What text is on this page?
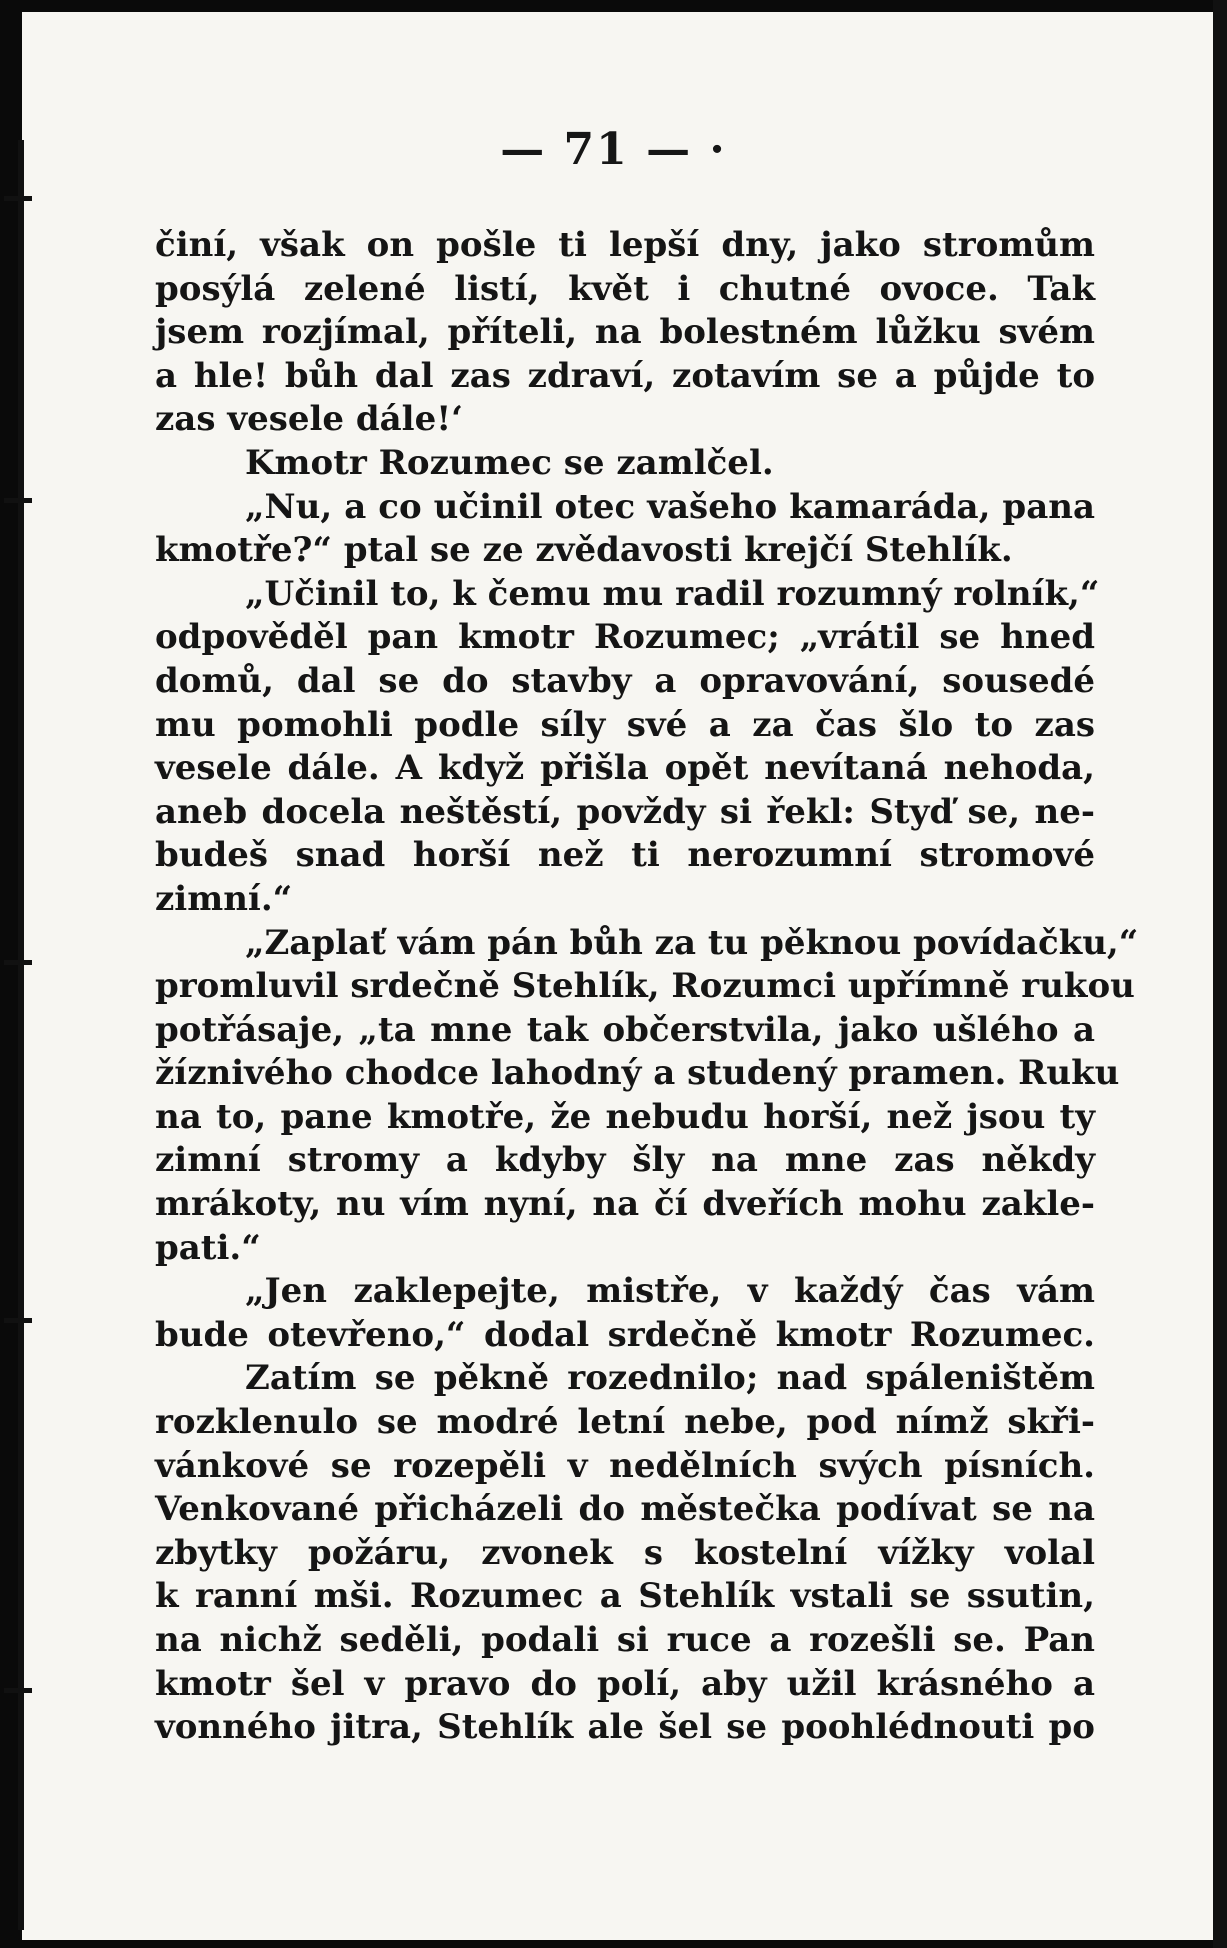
— 71 — ·
činí, však on pošle ti lepší dny, jako stromům
posýlá zelené listí, květ i chutné ovoce. Tak
jsem rozjímal, příteli, na bolestném lůžku svém
a hle! bůh dal zas zdraví, zotavím se a půjde to
zas vesele dále!‘
Kmotr Rozumec se zamlčel.
„Nu, a co učinil otec vašeho kamaráda, pana
kmotře?“ ptal se ze zvědavosti krejčí Stehlík.
„Učinil to, k čemu mu radil rozumný rolník,“
odpověděl pan kmotr Rozumec; „vrátil se hned
domů, dal se do stavby a opravování, sousedé
mu pomohli podle síly své a za čas šlo to zas
vesele dále. A když přišla opět nevítaná nehoda,
aneb docela neštěstí, povždy si řekl: Styď se, ne-
budeš snad horší než ti nerozumní stromové
zimní.“
„Zaplať vám pán bůh za tu pěknou povídačku,“
promluvil srdečně Stehlík, Rozumci upřímně rukou
potřásaje, „ta mne tak občerstvila, jako ušlého a
žíznivého chodce lahodný a studený pramen. Ruku
na to, pane kmotře, že nebudu horší, než jsou ty
zimní stromy a kdyby šly na mne zas někdy
mrákoty, nu vím nyní, na čí dveřích mohu zakle-
pati.“
„Jen zaklepejte, mistře, v každý čas vám
bude otevřeno,“ dodal srdečně kmotr Rozumec.
Zatím se pěkně rozednilo; nad spáleništěm
rozklenulo se modré letní nebe, pod nímž skři-
vánkové se rozepěli v nedělních svých písních.
Venkované přicházeli do městečka podívat se na
zbytky požáru, zvonek s kostelní vížky volal
k ranní mši. Rozumec a Stehlík vstali se ssutin,
na nichž seděli, podali si ruce a rozešli se. Pan
kmotr šel v pravo do polí, aby užil krásného a
vonného jitra, Stehlík ale šel se poohlédnouti po
